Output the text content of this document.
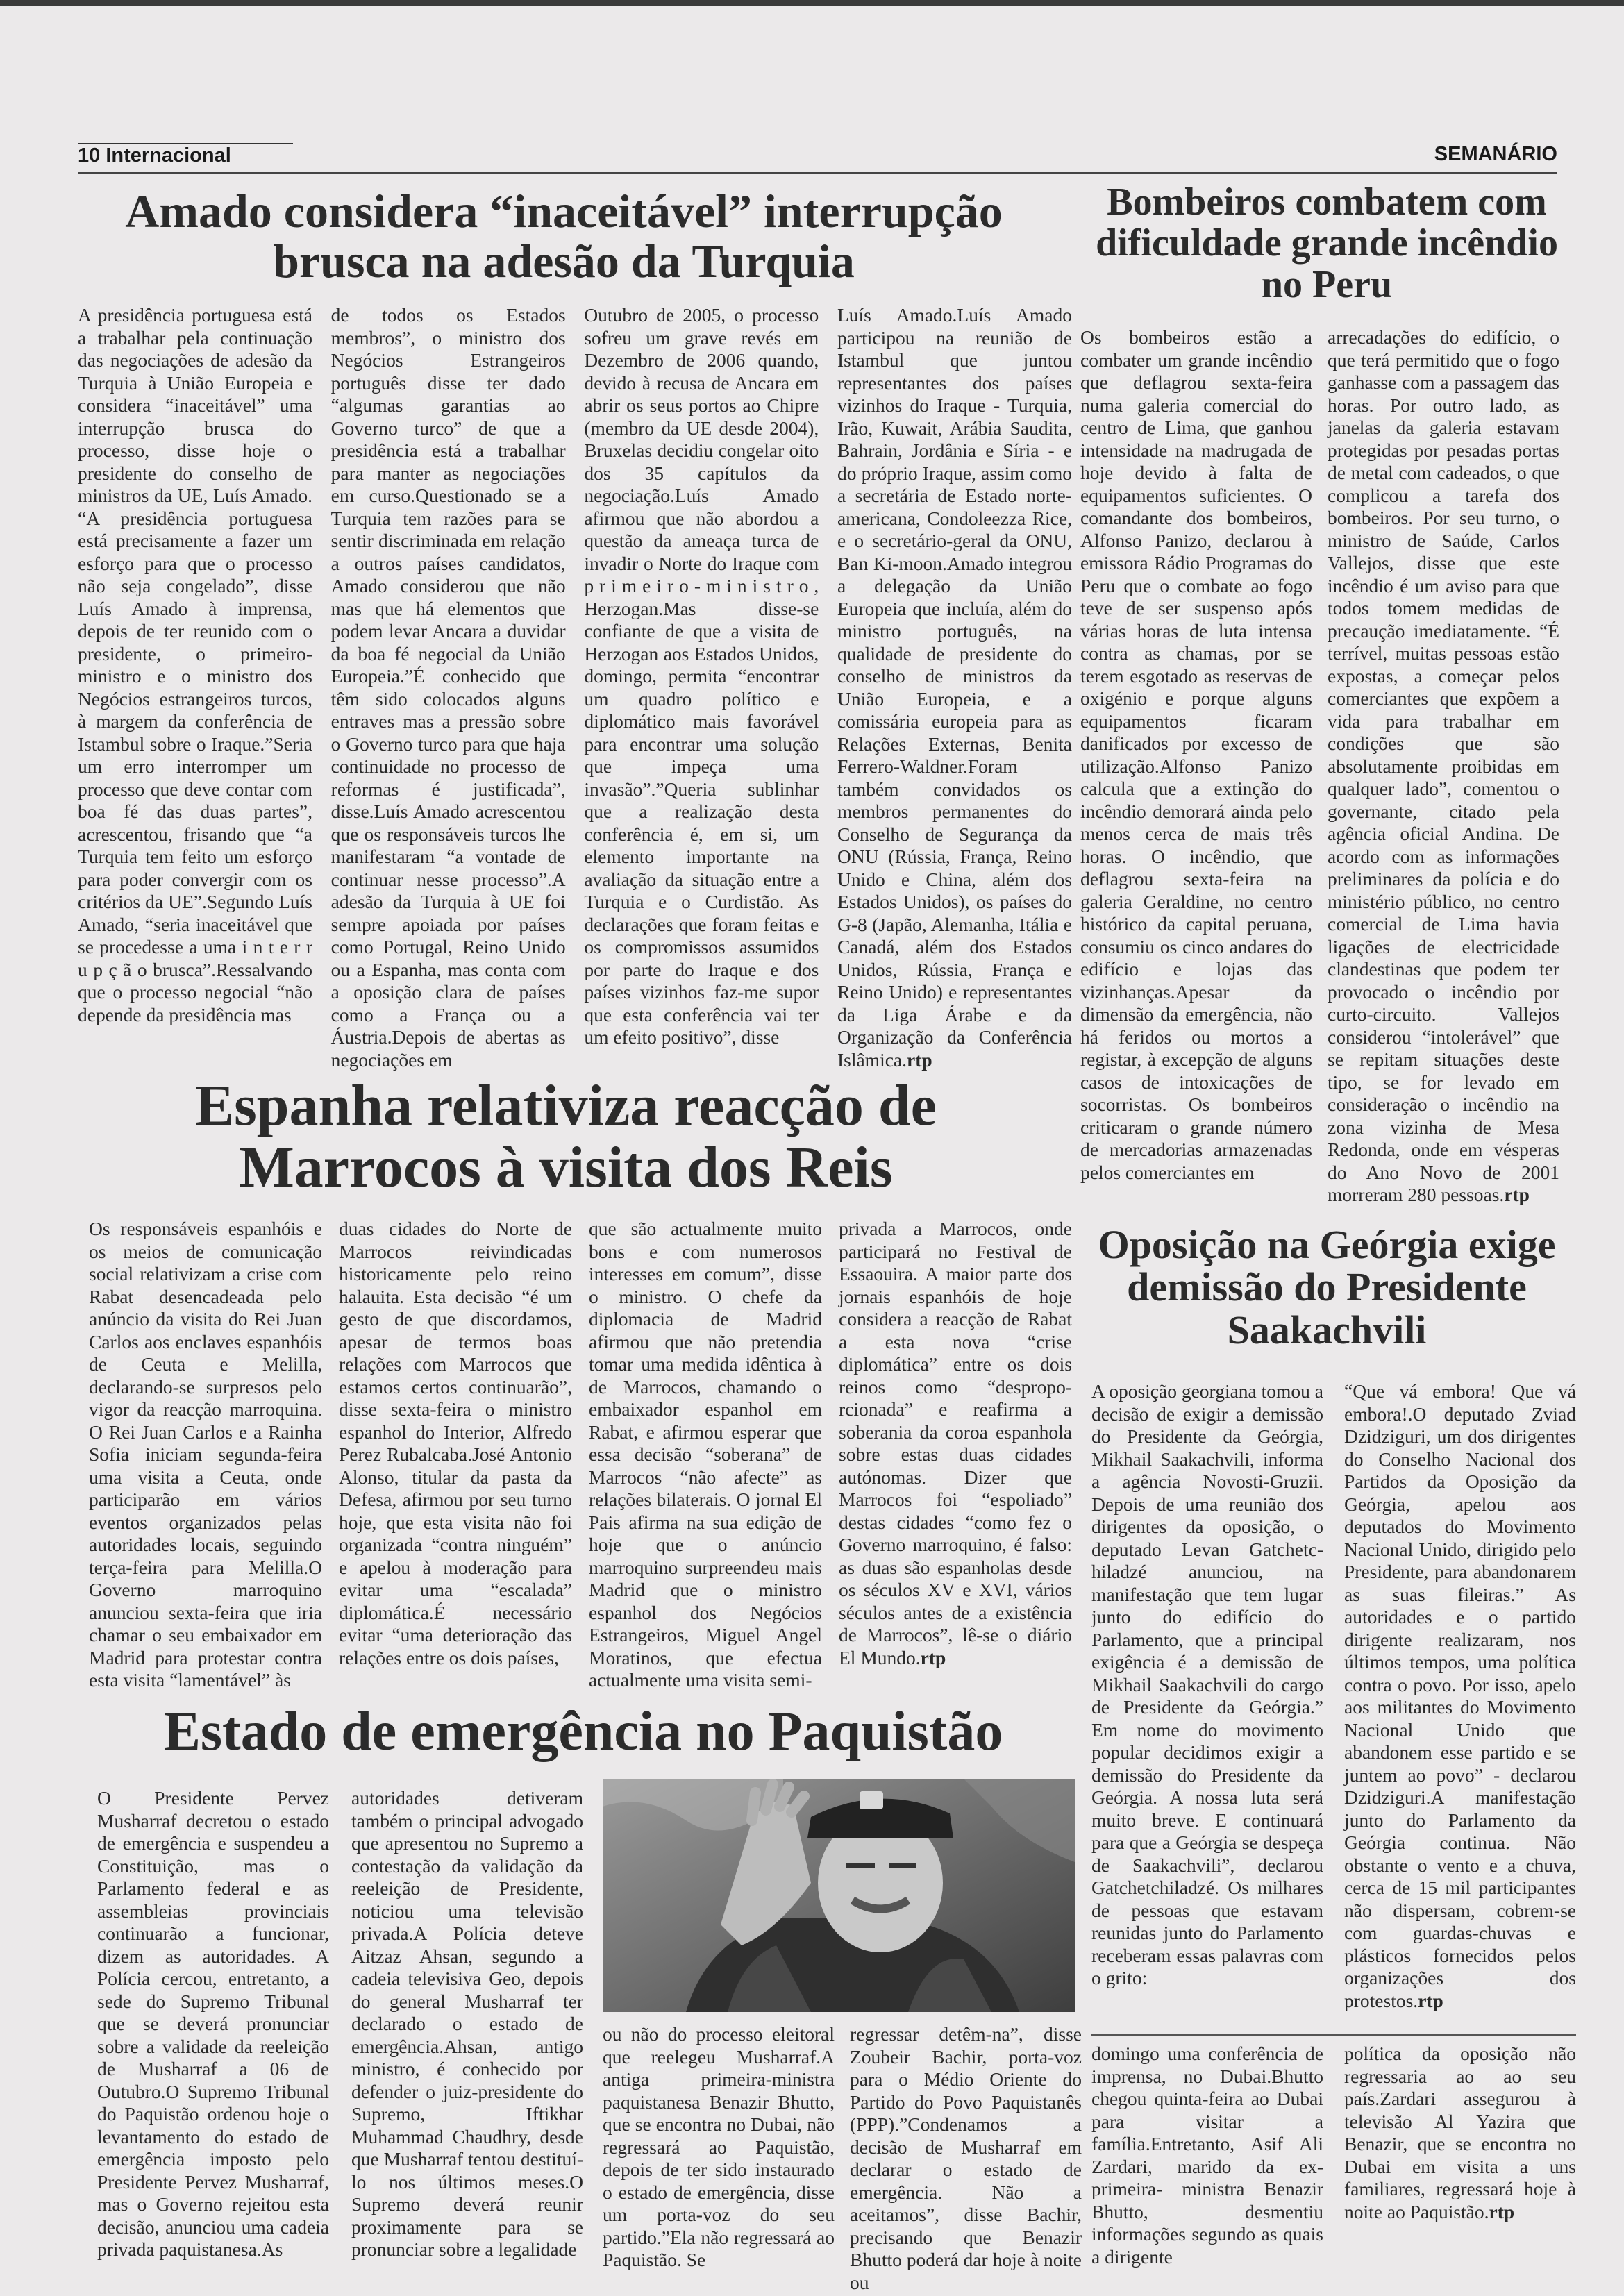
10 Internacional	SEMANÁRIO
Amado considera “inaceitável” interrupção brusca na adesão da Turquia

A presidência portuguesa está a trabalhar pela continuação das negociações de adesão da Turquia à União Europeia e considera “inaceitável” uma interrupção brusca do processo, disse hoje o presidente do conselho de ministros da UE, Luís Amado. “A presidência portuguesa está precisamente a fazer um esforço para que o processo não seja congelado”, disse Luís Amado à imprensa, depois de ter reunido com o presidente, o primeiro-ministro e o ministro dos Negócios estrangeiros turcos, à margem da conferência de Istambul sobre o Iraque.”Seria um erro interromper um processo que deve contar com boa fé das duas partes”, acrescentou, frisando que “a Turquia tem feito um esforço para poder convergir com os critérios da UE”.Segundo Luís Amado, “seria inaceitável que se procedesse a uma i n t e r r u p ç ã o brusca”.Ressalvando que o processo negocial “não depende da presidência mas

de todos os Estados membros”, o ministro dos Negócios Estrangeiros português disse ter dado “algumas garantias ao Governo turco” de que a presidência está a trabalhar para manter as negociações em curso.Questionado se a Turquia tem razões para se sentir discriminada em relação a outros países candidatos, Amado considerou que não mas que há elementos que podem levar Ancara a duvidar da boa fé negocial da União Europeia.”É conhecido que têm sido colocados alguns entraves mas a pressão sobre o Governo turco para que haja continuidade no processo de reformas é justificada”, disse.Luís Amado acrescentou que os responsáveis turcos lhe manifestaram “a vontade de continuar nesse processo”.A adesão da Turquia à UE foi sempre apoiada por países como Portugal, Reino Unido ou a Espanha, mas conta com a oposição clara de países como a França ou a Áustria.Depois de abertas as negociações em

Outubro de 2005, o processo sofreu um grave revés em Dezembro de 2006 quando, devido à recusa de Ancara em abrir os seus portos ao Chipre (membro da UE desde 2004), Bruxelas decidiu congelar oito dos 35 capítulos da negociação.Luís Amado afirmou que não abordou a questão da ameaça turca de invadir o Norte do Iraque com p r i m e i r o - m i n i s t r o , Herzogan.Mas disse-se confiante de que a visita de Herzogan aos Estados Unidos, domingo, permita “encontrar um quadro político e diplomático mais favorável para encontrar uma solução que impeça uma invasão”.”Queria sublinhar que a realização desta conferência é, em si, um elemento importante na avaliação da situação entre a Turquia e o Curdistão. As declarações que foram feitas e os compromissos assumidos por parte do Iraque e dos países vizinhos faz-me supor que esta conferência vai ter um efeito positivo”, disse

Luís Amado.Luís Amado participou na reunião de Istambul que juntou representantes dos países vizinhos do Iraque - Turquia, Irão, Kuwait, Arábia Saudita, Bahrain, Jordânia e Síria - e do próprio Iraque, assim como a secretária de Estado norte-americana, Condoleezza Rice, e o secretário-geral da ONU, Ban Ki-moon.Amado integrou a delegação da União Europeia que incluía, além do ministro português, na qualidade de presidente do conselho de ministros da União Europeia, e a comissária europeia para as Relações Externas, Benita Ferrero-Waldner.Foram também convidados os membros permanentes do Conselho de Segurança da ONU (Rússia, França, Reino Unido e China, além dos Estados Unidos), os países do G-8 (Japão, Alemanha, Itália e Canadá, além dos Estados Unidos, Rússia, França e Reino Unido) e representantes da Liga Árabe e da Organização da Conferência Islâmica.rtp

Bombeiros combatem com dificuldade grande incêndio no Peru

Os bombeiros estão a combater um grande incêndio que deflagrou sexta-feira numa galeria comercial do centro de Lima, que ganhou intensidade na madrugada de hoje devido à falta de equipamentos suficientes. O comandante dos bombeiros, Alfonso Panizo, declarou à emissora Rádio Programas do Peru que o combate ao fogo teve de ser suspenso após várias horas de luta intensa contra as chamas, por se terem esgotado as reservas de oxigénio e porque alguns equipamentos ficaram danificados por excesso de utilização.Alfonso Panizo calcula que a extinção do incêndio demorará ainda pelo menos cerca de mais três horas. O incêndio, que deflagrou sexta-feira na galeria Geraldine, no centro histórico da capital peruana, consumiu os cinco andares do edifício e lojas das vizinhanças.Apesar da dimensão da emergência, não há feridos ou mortos a registar, à excepção de alguns casos de intoxicações de socorristas. Os bombeiros criticaram o grande número de mercadorias armazenadas pelos comerciantes em

arrecadações do edifício, o que terá permitido que o fogo ganhasse com a passagem das horas. Por outro lado, as janelas da galeria estavam protegidas por pesadas portas de metal com cadeados, o que complicou a tarefa dos bombeiros. Por seu turno, o ministro de Saúde, Carlos Vallejos, disse que este incêndio é um aviso para que todos tomem medidas de precaução imediatamente. “É terrível, muitas pessoas estão expostas, a começar pelos comerciantes que expõem a vida para trabalhar em condições que são absolutamente proibidas em qualquer lado”, comentou o governante, citado pela agência oficial Andina. De acordo com as informações preliminares da polícia e do ministério público, no centro comercial de Lima havia ligações de electricidade clandestinas que podem ter provocado o incêndio por curto-circuito. Vallejos considerou “intolerável” que se repitam situações deste tipo, se for levado em consideração o incêndio na zona vizinha de Mesa Redonda, onde em vésperas do Ano Novo de 2001 morreram 280 pessoas.rtp

Espanha relativiza reacção de Marrocos à visita dos Reis

Os responsáveis espanhóis e os meios de comunicação social relativizam a crise com Rabat desencadeada pelo anúncio da visita do Rei Juan Carlos aos enclaves espanhóis de Ceuta e Melilla, declarando-se surpresos pelo vigor da reacção marroquina. O Rei Juan Carlos e a Rainha Sofia iniciam segunda-feira uma visita a Ceuta, onde participarão em vários eventos organizados pelas autoridades locais, seguindo terça-feira para Melilla.O Governo marroquino anunciou sexta-feira que iria chamar o seu embaixador em Madrid para protestar contra esta visita “lamentável” às

duas cidades do Norte de Marrocos reivindicadas historicamente pelo reino halauita. Esta decisão “é um gesto de que discordamos, apesar de termos boas relações com Marrocos que estamos certos continuarão”, disse sexta-feira o ministro espanhol do Interior, Alfredo Perez Rubalcaba.José Antonio Alonso, titular da pasta da Defesa, afirmou por seu turno hoje, que esta visita não foi organizada “contra ninguém” e apelou à moderação para evitar uma “escalada” diplomática.É necessário evitar “uma deterioração das relações entre os dois países,

que são actualmente muito bons e com numerosos interesses em comum”, disse o ministro. O chefe da diplomacia de Madrid afirmou que não pretendia tomar uma medida idêntica à de Marrocos, chamando o embaixador espanhol em Rabat, e afirmou esperar que essa decisão “soberana” de Marrocos “não afecte” as relações bilaterais. O jornal El Pais afirma na sua edição de hoje que o anúncio marroquino surpreendeu mais Madrid que o ministro espanhol dos Negócios Estrangeiros, Miguel Angel Moratinos, que efectua actualmente uma visita semi-

privada a Marrocos, onde participará no Festival de Essaouira. A maior parte dos jornais espanhóis de hoje considera a reacção de Rabat a esta nova “crise diplomática” entre os dois reinos como “despropo-rcionada” e reafirma a soberania da coroa espanhola sobre estas duas cidades autónomas. Dizer que Marrocos foi “espoliado” destas cidades “como fez o Governo marroquino, é falso: as duas são espanholas desde os séculos XV e XVI, vários séculos antes de a existência de Marrocos”, lê-se o diário El Mundo.rtp

Oposição na Geórgia exige demissão do Presidente Saakachvili

A oposição georgiana tomou a decisão de exigir a demissão do Presidente da Geórgia, Mikhail Saakachvili, informa a agência Novosti-Gruzii. Depois de uma reunião dos dirigentes da oposição, o deputado Levan Gatchetc-hiladzé anunciou, na manifestação que tem lugar junto do edifício do Parlamento, que a principal exigência é a demissão de Mikhail Saakachvili do cargo de Presidente da Geórgia.” Em nome do movimento popular decidimos exigir a demissão do Presidente da Geórgia. A nossa luta será muito breve. E continuará para que a Geórgia se despeça de Saakachvili”, declarou Gatchetchiladzé. Os milhares de pessoas que estavam reunidas junto do Parlamento receberam essas palavras com o grito:

“Que vá embora! Que vá embora!.O deputado Zviad Dzidziguri, um dos dirigentes do Conselho Nacional dos Partidos da Oposição da Geórgia, apelou aos deputados do Movimento Nacional Unido, dirigido pelo Presidente, para abandonarem as suas fileiras.” As autoridades e o partido dirigente realizaram, nos últimos tempos, uma política contra o povo. Por isso, apelo aos militantes do Movimento Nacional Unido que abandonem esse partido e se juntem ao povo” - declarou Dzidziguri.A manifestação junto do Parlamento da Geórgia continua. Não obstante o vento e a chuva, cerca de 15 mil participantes não dispersam, cobrem-se com guardas-chuvas e plásticos fornecidos pelos organizações dos protestos.rtp

Estado de emergência no Paquistão

O Presidente Pervez Musharraf decretou o estado de emergência e suspendeu a Constituição, mas o Parlamento federal e as assembleias provinciais continuarão a funcionar, dizem as autoridades. A Polícia cercou, entretanto, a sede do Supremo Tribunal que se deverá pronunciar sobre a validade da reeleição de Musharraf a 06 de Outubro.O Supremo Tribunal do Paquistão ordenou hoje o levantamento do estado de emergência imposto pelo Presidente Pervez Musharraf, mas o Governo rejeitou esta decisão, anunciou uma cadeia privada paquistanesa.As

autoridades detiveram também o principal advogado que apresentou no Supremo a contestação da validação da reeleição de Presidente, noticiou uma televisão privada.A Polícia deteve Aitzaz Ahsan, segundo a cadeia televisiva Geo, depois do general Musharraf ter declarado o estado de emergência.Ahsan, antigo ministro, é conhecido por defender o juiz-presidente do Supremo, Iftikhar Muhammad Chaudhry, desde que Musharraf tentou destituí-lo nos últimos meses.O Supremo deverá reunir proximamente para se pronunciar sobre a legalidade

ou não do processo eleitoral que reelegeu Musharraf.A antiga primeira-ministra paquistanesa Benazir Bhutto, que se encontra no Dubai, não regressará ao Paquistão, depois de ter sido instaurado o estado de emergência, disse um porta-voz do seu partido.”Ela não regressará ao Paquistão. Se

regressar detêm-na”, disse Zoubeir Bachir, porta-voz para o Médio Oriente do Partido do Povo Paquistanês (PPP).”Condenamos a decisão de Musharraf em declarar o estado de emergência. Não a aceitamos”, disse Bachir, precisando que Benazir Bhutto poderá dar hoje à noite ou

domingo uma conferência de imprensa, no Dubai.Bhutto chegou quinta-feira ao Dubai para visitar a família.Entretanto, Asif Ali Zardari, marido da ex-primeira- ministra Benazir Bhutto, desmentiu informações segundo as quais a dirigente

política da oposição não regressaria ao ao seu país.Zardari assegurou à televisão Al Yazira que Benazir, que se encontra no Dubai em visita a uns familiares, regressará hoje à noite ao Paquistão.rtp
